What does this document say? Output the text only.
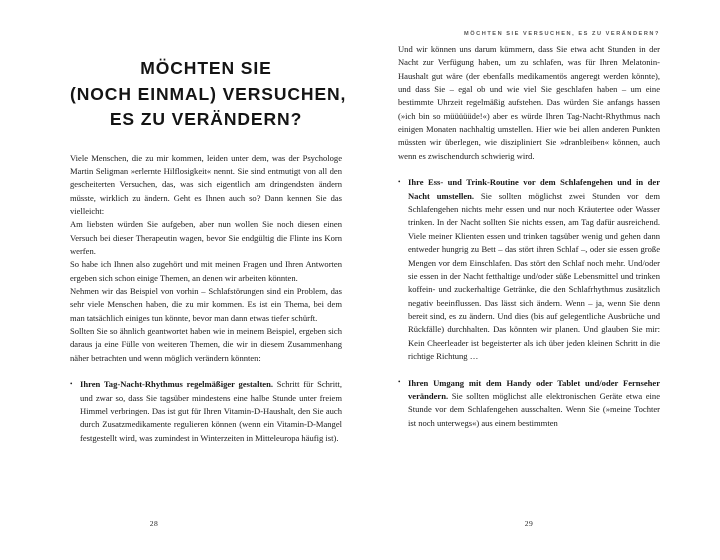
MÖCHTEN SIE
(NOCH EINMAL) VERSUCHEN,
ES ZU VERÄNDERN?

Viele Menschen, die zu mir kommen, leiden unter dem, was der Psychologe Martin Seligman »erlernte Hilflosigkeit« nennt. Sie sind entmutigt von all den gescheiterten Versuchen, das, was sich eigentlich am dringendsten ändern müsste, wirklich zu ändern. Geht es Ihnen auch so? Dann kennen Sie das vielleicht:

Am liebsten würden Sie aufgeben, aber nun wollen Sie noch diesen einen Versuch bei dieser Therapeutin wagen, bevor Sie endgültig die Flinte ins Korn werfen.

So habe ich Ihnen also zugehört und mit meinen Fragen und Ihren Antworten ergeben sich schon einige Themen, an denen wir arbeiten könnten.

Nehmen wir das Beispiel von vorhin – Schlafstörungen sind ein Problem, das sehr viele Menschen haben, die zu mir kommen. Es ist ein Thema, bei dem man tatsächlich einiges tun könnte, bevor man dann etwas tiefer schürft.

Sollten Sie so ähnlich geantwortet haben wie in meinem Beispiel, ergeben sich daraus ja eine Fülle von weiteren Themen, die wir in diesem Zusammenhang näher betrachten und wenn möglich verändern könnten:

• Ihren Tag-Nacht-Rhythmus regelmäßiger gestalten. Schritt für Schritt, und zwar so, dass Sie tagsüber mindestens eine halbe Stunde unter freiem Himmel verbringen. Das ist gut für Ihren Vitamin-D-Haushalt, den Sie auch durch Zusatzmedikamente regulieren können (wenn ein Vitamin-D-Mangel festgestellt wird, was zumindest in Winterzeiten in Mitteleuropa häufig ist).
28
MÖCHTEN SIE VERSUCHEN, ES ZU VERÄNDERN?

Und wir können uns darum kümmern, dass Sie etwa acht Stunden in der Nacht zur Verfügung haben, um zu schlafen, was für Ihren Melatonin-Haushalt gut wäre (der ebenfalls medikamentös angeregt werden könnte), und dass Sie – egal ob und wie viel Sie geschlafen haben – um eine bestimmte Uhrzeit regelmäßig aufstehen. Das würden Sie anfangs hassen (»ich bin so müüüüüde!«) aber es würde Ihren Tag-Nacht-Rhythmus nach einigen Monaten nachhaltig umstellen. Hier wie bei allen anderen Punkten müssten wir überlegen, wie diszipliniert Sie »dranbleiben« können, auch wenn es zwischendurch schwierig wird.

• Ihre Ess- und Trink-Routine vor dem Schlafengehen und in der Nacht umstellen. Sie sollten möglichst zwei Stunden vor dem Schlafengehen nichts mehr essen und nur noch Kräutertee oder Wasser trinken. In der Nacht sollten Sie nichts essen, am Tag dafür ausreichend. Viele meiner Klienten essen und trinken tagsüber wenig und gehen dann entweder hungrig zu Bett – das stört ihren Schlaf –, oder sie essen große Mengen vor dem Einschlafen. Das stört den Schlaf noch mehr. Und/oder sie essen in der Nacht fetthaltige und/oder süße Lebensmittel und trinken koffein- und zuckerhaltige Getränke, die den Schlafrhythmus zusätzlich negativ beeinflussen. Das lässt sich ändern. Wenn – ja, wenn Sie denn bereit sind, es zu ändern. Und dies (bis auf gelegentliche Ausbrüche und Rückfälle) durchhalten. Das könnten wir planen. Und glauben Sie mir: Kein Cheerleader ist begeisterter als ich über jeden kleinen Schritt in die richtige Richtung …
• Ihren Umgang mit dem Handy oder Tablet und/oder Fernseher verändern. Sie sollten möglichst alle elektronischen Geräte etwa eine Stunde vor dem Schlafengehen ausschalten. Wenn Sie (»meine Tochter ist noch unterwegs«) aus einem bestimmten
29
